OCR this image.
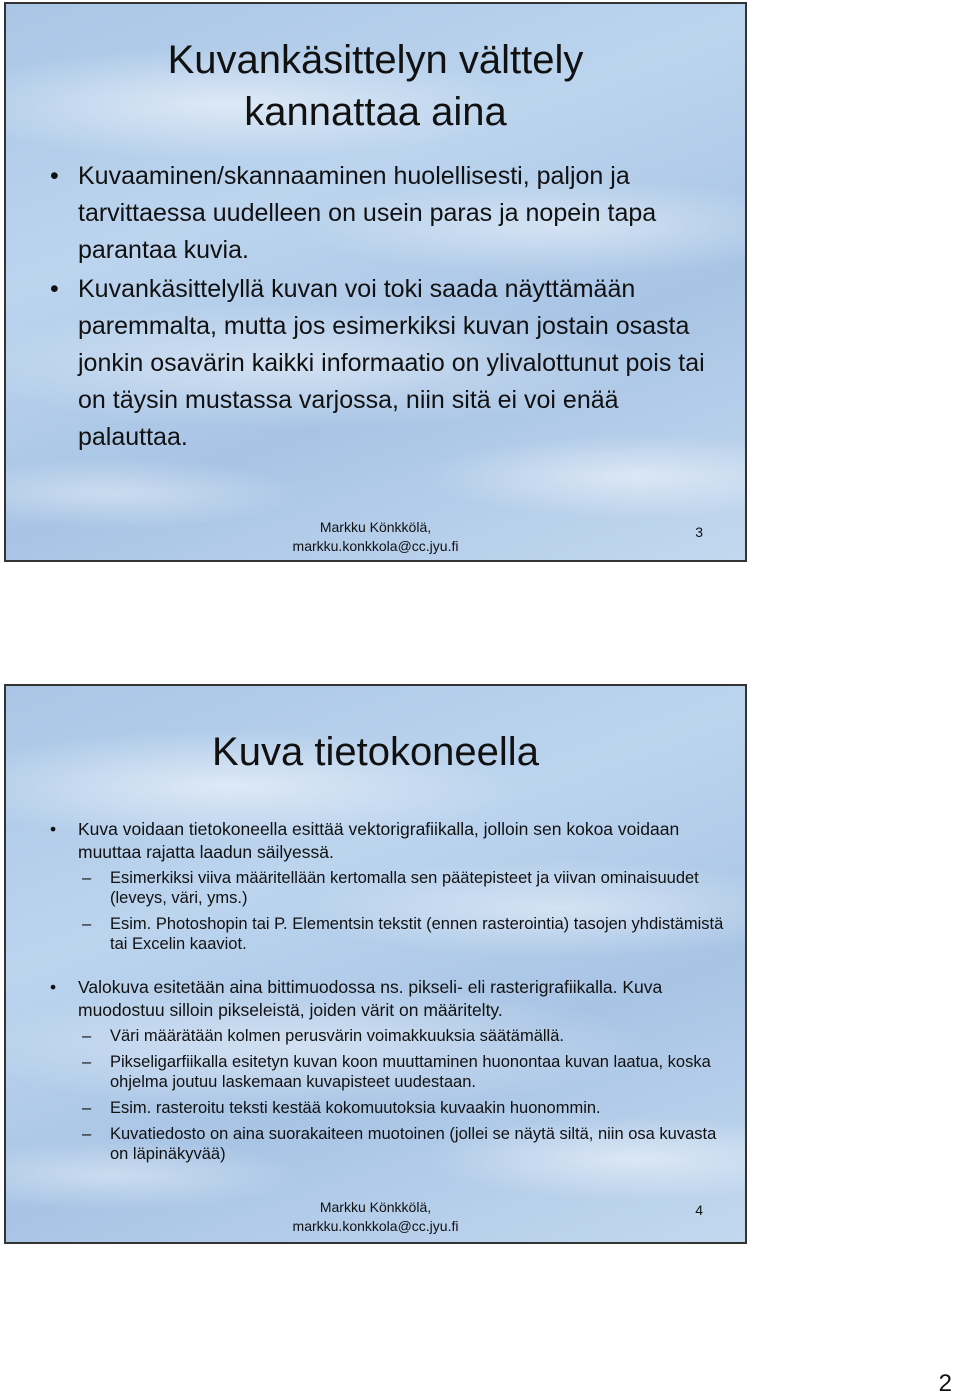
Kuvankäsittelyn välttely
kannattaa aina
• Kuvaaminen/skannaaminen huolellisesti, paljon ja tarvittaessa uudelleen on usein paras ja nopein tapa parantaa kuvia.
• Kuvankäsittelyllä kuvan voi toki saada näyttämään paremmalta, mutta jos esimerkiksi kuvan jostain osasta jonkin osavärin kaikki informaatio on ylivalottunut pois tai on täysin mustassa varjossa, niin sitä ei voi enää palauttaa.
Markku Könkkölä,
markku.konkkola@cc.jyu.fi
3
Kuva tietokoneella
• Kuva voidaan tietokoneella esittää vektorigrafiikalla, jolloin sen kokoa voidaan muuttaa rajatta laadun säilyessä.
– Esimerkiksi viiva määritellään kertomalla sen päätepisteet ja viivan ominaisuudet (leveys, väri, yms.)
– Esim. Photoshopin tai P. Elementsin tekstit (ennen rasterointia) tasojen yhdistämistä tai Excelin kaaviot.
• Valokuva esitetään aina bittimuodossa ns. pikseli- eli rasterigrafiikalla. Kuva muodostuu silloin pikseleistä, joiden värit on määritelty.
– Väri määrätään kolmen perusvärin voimakkuuksia säätämällä.
– Pikseligarfiikalla esitetyn kuvan koon muuttaminen huonontaa kuvan laatua, koska ohjelma joutuu laskemaan kuvapisteet uudestaan.
– Esim. rasteroitu teksti kestää kokomuutoksia kuvaakin huonommin.
– Kuvatiedosto on aina suorakaiteen muotoinen (jollei se näytä siltä, niin osa kuvasta on läpinäkyvää)
Markku Könkkölä,
markku.konkkola@cc.jyu.fi
4
2
